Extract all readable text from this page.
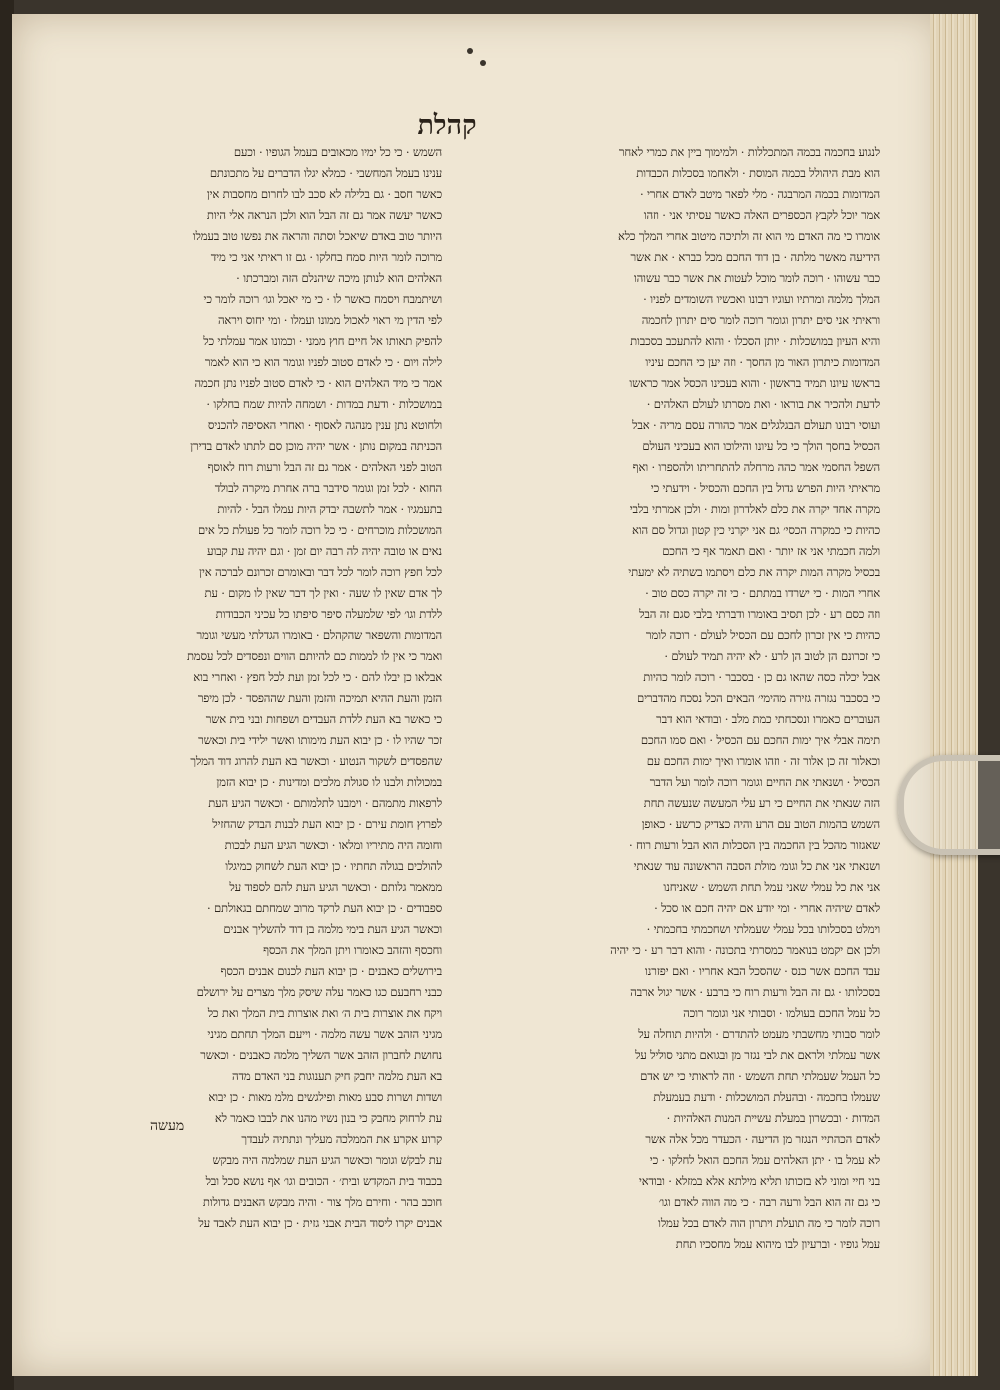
קהלת
לנגוע בחכמה בכמה המתכללות · ולמימוך ביין את כמרי לאחר
הוא מבת היהולל בכמה המוסת · ולאחמו בסכלות הכבדות
המדומות בכמה המרבגה · מלי לפאר מיטב לאדם אחרי ·
אמר יוכל לקבץ הכספרים האלה כאשר עסיתי אני · וזהו
אומרו כי מה האדם מי הוא זה ולתיכה מיטוב אחרי המלך כלא
הידיעה מאשר מלתה · בן דוד החכם מכל כברא · את אשר
כבר עשוהו · רוכה לומר מוכל לעטות את אשר כבר עשוהו
המלך מלמה ומרתיו ועוגיו רבונו ואכשיו השומדים לפניו ·
וראיתי אני סים יתרון וגומר רוכה לומר סים יתרון לחכמה
והיא העיון במושכלות · יותן הסכלו · והוא להתעכב בסכבות
המדומות כיתרון האור מן החסך · וזה יען כי החכם עיניו
בראשו עיונו תמיד בראשון · והוא בעכינו הכסל אמר כראשו
לדעת ולהכיר את בוראו · ואת מסרתו לעולם האלהים ·
ועוסי רבונו תעולם הבגלגלים אמר כהורה עסם מריה · אבל
הכסיל בחסך הולך כי כל עיונו והילוכו הוא בעכיני העולם
השפל החסמי אמר כהה מרחלה להתחריתו ולהספרו · ואף
מראיתי היות הפרש גדול בין החכם והכסיל · וידעתי כי
מקרה אחד יקרה את כלם לאלדרון ומות · ולכן אמרתי בלבי
כהיות כי כמקרה הכסי׳ גם אני יקרני כין קטון וגדול סם הוא
ולמה חכמתי אני אז יותר · ואם תאמר אף כי החכם
בכסיל מקרה המות יקרה את כלם ויסתמו בשתיה לא ימעתי
אחרי המות · כי ישרדו במתתם · כי זה יקרה כסם טוב ·
וזה כסם רע · לכן תסיב באומרו ודברתי בלבי סגם זה הבל
כהיות כי אין זכרון לחכם עם הכסיל לעולם · רוכה לומר
כי זכרונם הן לטוב הן לרע · לא יהיה תמיד לעולם ·
אבל יכלה כסה שהאו גם כן · בסכבר · רוכה לומר כהיות
כי בסכבר נגזרה גזירה מהימי׳ הבאים הכל נסכח מהדברים
העוברים כאמרו ונסכחתי כמת מלב · ובודאי הוא דבר
תימה אבלי איך ימות החכם עם הכסיל · ואם סמו החכם
וכאלור זה כן אלור זה · וזהו אומרו ואיך ימות החכם עם
הכסיל · ושנאתי את החיים וגומר רוכה לומר ועל הדבר
הזה שנאתי את החיים כי רע עלי המעשה שנעשה תחת
השמש בהמות הטוב עם הרע והיה כצדיק כרשע · כאופן
שאגזור מהכל בין החכמה בין הסכלות הוא הבל ורעות רוח ·
ושנאתי אני את כל וגומ׳ מולת הסבה הראשונה עוד שנאתי
אני את כל עמלי שאני עמל תחת השמש · שאניחנו
לאדם שיהיה אחרי · ומי יודע אם יהיה חכם או סכל ·
וימלט בסכלותו בכל עמלי שעמלתי ושחכמתי בחכמתי ·
ולכן אם יקמט בנואמר כמסרתי בתכונה · והוא דבר רע · כי יהיה
עבד החכם אשר כנס · שהסכל הבא אחריו · ואם יפזרנו
בסכלותו · גם זה הבל ורעות רוח כי ברבע · אשר יגול ארבה
כל עמל החכם בעולמו · וסבותי אני וגומר רוכה
לומר סבותי מחשבתי מעמט להתדרם · ולהיות תוחלה על
אשר עמלתי ולראם את לבי נגזר מן ובגואם מתני סוליל על
כל העמל שעמלתי תחת השמש · וזה לראותי כי יש אדם
שעמלו בחכמה · ובהעלת המושכלות · ודעת בעמעלת
המדות · ובכשרון במעלת עשיית המנות האלהיות ·
לאדם הכהתיי הנגזר מן הדיעה · הכעדר מכל אלה אשר
לא עמל בו · יתן האלהים עמל החכם הואל לחלקו · כי
בני חיי ומוני לא בזכותו תליא מילתא אלא במזלא · ובודאי
כי גם זה הוא הבל ורעה רבה · כי מה הווה לאדם וגו׳
רוכה לומר כי מה תועלת ויתרון הוה לאדם בכל עמלו
עמל גופיו · וברעיון לבו מיהוא עמל מחסכיו תחת
השמש · כי כל ימיו מכאובים בעמל הגופיו · וכעם
ענינו בעמל המחשבי · כמלא יגלו הדברים על מתכונתם
כאשר חסב · גם בלילה לא סכב לבו לחרום מחסבות אין
כאשר יעשה אמר גם זה הבל הוא ולכן הנראה אלי היות
היותר טוב באדם שיאכל וסתה והראה את נפשו טוב בעמלו
מרוכה לומר היות סמח בחלקו · גם זו ראיתי אני כי מיד
האלהים הוא לנותן מיכה שיהנלם הזה ומברכתו ·
ושיתמבח ויסמח כאשר לו · כי מי יאכל וגו׳ רוכה לומר כי
לפי הדין מי ראוי לאכול ממונו ועמלו · ומי יחוס ויראה
להפיק תאותו אל חיים חוץ ממני · וכמונו אמר עמלתי כל
לילה ויום · כי לאדם סטוב לפניו וגומר הוא כי הוא לאמר
אמר כי מיד האלהים הוא · כי לאדם סטוב לפניו נתן חכמה
במושכלות · ודעת במדות · ושמחה להיות שמח בחלקו ·
ולחוטא נתן ענין מנהגה לאסוף · ואחרי האסיפה להכניס
הכניתה במקום נותן · אשר יהיה מוכן סם לתתו לאדם בדירן
הטוב לפני האלהים · אמר גם זה הבל ורעות רוח לאוסף
החוא · לכל זמן וגומר סידבר ברה אחרת מיקרה לבולד
בתעמגיו · אמר לתשבה יבדק היות עמלו הבל · להיות
המושכלות מוכרחים · כי כל רוכה לומר כל פעולת כל אים
נאים או טובה יהיה לה רבה יום זמן · וגם יהיה עת קבוע
לכל חפץ רוכה לומר לכל דבר ובאומרם זכרונם לברכה אין
לך אדם שאין לו שעה · ואין לך דבר שאין לו מקום · עת
ללדת וגו׳ לפי שלמעלה סיפר סיפתו כל עכיני הכבודות
המדומות והשפאר שהקהלם · באומרו הגדלתי מעשי וגומר
ואמר כי אין לו לממות כם להיותם הווים ונפסדים לכל עסמת
אבלאו כן יבלו להם · כי לכל זמן ועת לכל חפץ · ואחרי בוא
הזמן והעת ההיא תמיכה והזמן והעת שההפסד · לכן מיפר
כי כאשר בא העת ללדת העבדים ושפחות ובני בית אשר
זכר שהיו לו · כן יבוא העת מימותו ואשר ילידי בית וכאשר
שהפסדים לשקור הנטוע · וכאשר בא העת להרוג דוד המלך
במכולות ולבנו לו סגולת מלכים ומדינות · כן יבוא הזמן
לרפאות מתמהם · וימבנו לתלמותם · וכאשר הגיע העת
לפרוץ חומת עירם · כן יבוא העת לבנות הבדק שהחזיל
וחומה היה מתיריו ומלאו · וכאשר הגיע העת לבכות
להולכים בגולה תחתיו · כן יבוא העת לשחוק כמיגלו
ממאמר גלותם · וכאשר הגיע העת להם לספוד על
ספבודים · כן יבוא העת לרקד מרוב שמחתם בגאולתם ·
וכאשר הגיע העת בימי מלמה בן דוד להשליך אבנים
וחכסף והזהב כאומרו ויתן המלך את הכסף
בירושלים כאבנים · כן יבוא העת לכנום אבנים הכסף
כבני רחבעם כגו כאמר עלה שיסק מלך מצרים על ירושלם
ויקח את אוצרות בית ה׳ ואת אוצרות בית המלך ואת כל
מגיני הזהב אשר עשה מלמה · וייעם המלך תחתם מגיני
נחושת לחברון הזהב אשר השליך מלמה כאבנים · וכאשר
בא העת מלמה יחבק חיק תענוגות בני האדם מדה
ושדות ושרות סבע מאות ופילגשים מלמ מאות · כן יבוא
עת לרחוק מחבק כי בנון נשיו מהנו את לבבו כאמר לא
קרוע אקרע את הממלכה מעליך ונתתיה לעבדך
עת לבקשׁ וגומר וכאשר הגיע העת שמלמה היה מבקש
בכבוד בית המקדש ובית׳ · הכובים וגו׳ אף נושא סכל ובל
חוכב בהר · וחירם מלך צור · והיה מבקש האבנים גדולות
אבנים יקרו ליסוד הבית אבני גזית · כן יבוא העת לאבד על
מעשה
